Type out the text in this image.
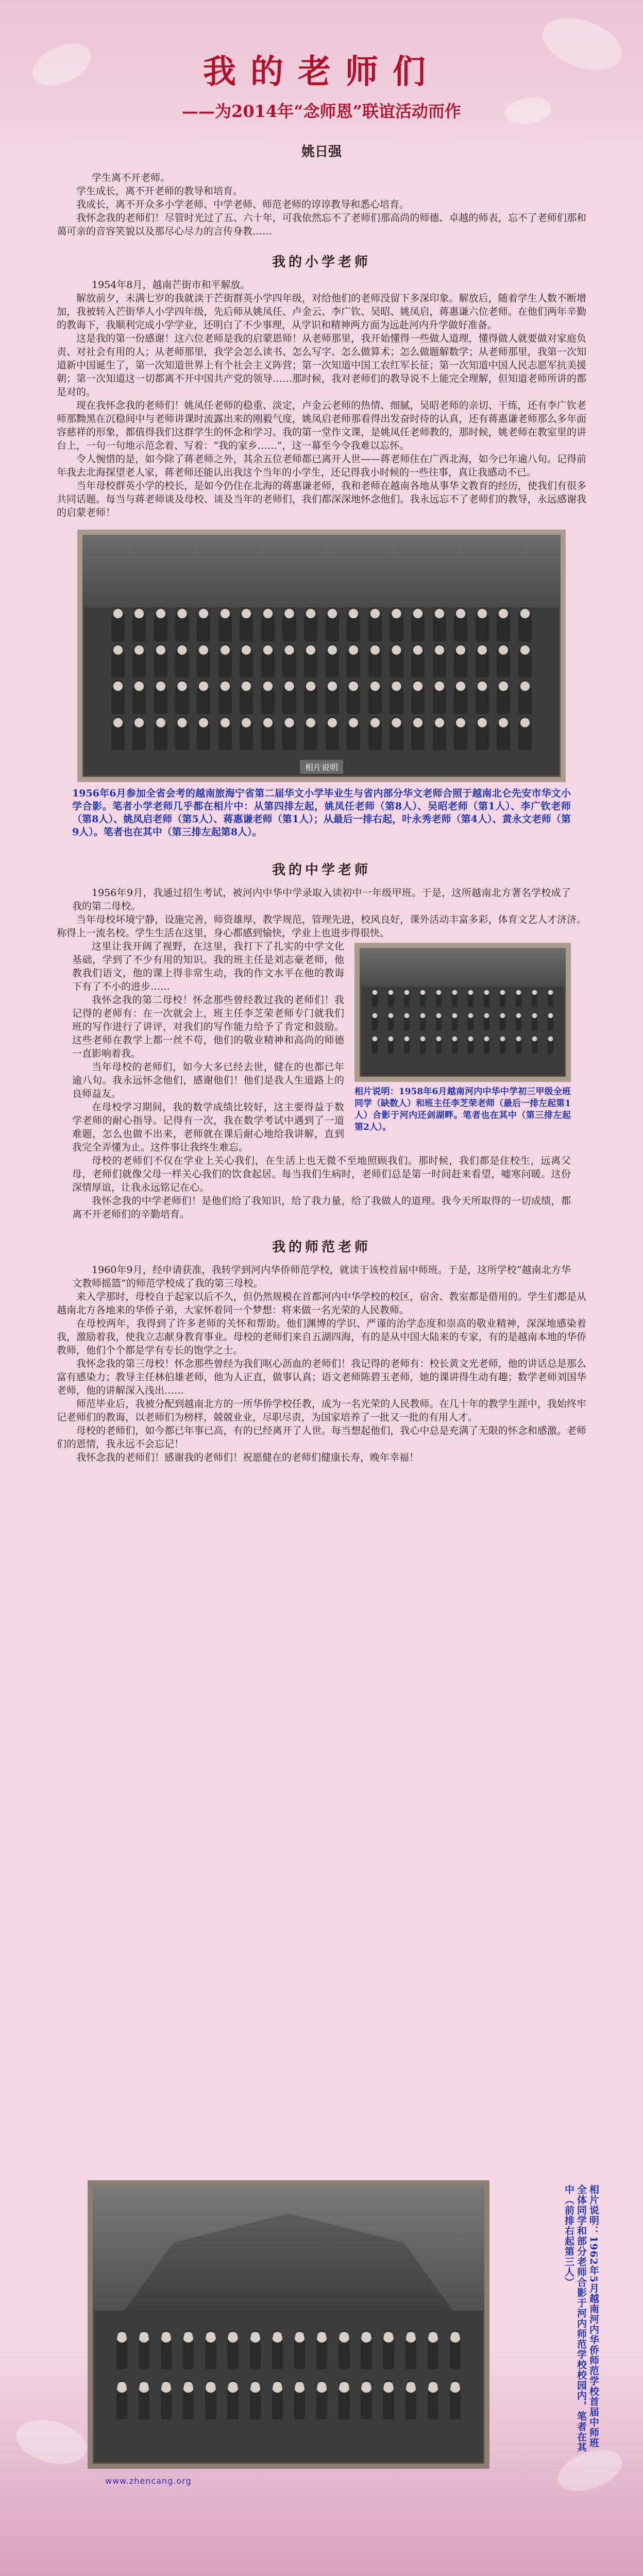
我的老师们
——为2014年“念师恩”联谊活动而作
姚日强

学生离不开老师。

学生成长，离不开老师的教导和培育。

我成长，离不开众多小学老师、中学老师、师范老师的谆谆教导和悉心培育。

我怀念我的老师们！尽管时光过了五、六十年，可我依然忘不了老师们那高尚的师德、卓越的师表，忘不了老师们那和蔼可亲的音容笑貌以及那尽心尽力的言传身教……

我的小学老师

1954年8月，越南芒街市和平解放。

解放前夕，未满七岁的我就读于芒街群英小学四年级，对给他们的老师没留下多深印象。解放后，随着学生人数不断增加，我被转入芒街华人小学四年级，先后师从姚凤任、卢金云、李广钦、吴昭、姚凤启，蒋惠谦六位老师。在他们两年辛勤的教诲下，我顺利完成小学学业，还明白了不少事理，从学识和精神两方面为远赴河内升学做好准备。

这是我的第一份感谢！这六位老师是我的启蒙恩师！从老师那里，我开始懂得一些做人道理，懂得做人就要做对家庭负责、对社会有用的人；从老师那里，我学会怎么读书、怎么写字、怎么做算术；怎么做题解数学；从老师那里，我第一次知道新中国诞生了，第一次知道世界上有个社会主义阵营；第一次知道中国工农红军长征；第一次知道中国人民志愿军抗美援朝；第一次知道这一切都离不开中国共产党的领导……那时候，我对老师们的教导说不上能完全理解，但知道老师所讲的都是对的。

现在我怀念我的老师们！姚凤任老师的稳重、淡定，卢金云老师的热情、细腻，吴昭老师的亲切、干练，还有李广钦老师那黝黑在沉稳间中与老师讲课时流露出来的刚毅气度，姚凤启老师那看得出发奋时待的认真，还有蒋惠谦老师那么多年面容慈祥的形象，都值得我们这群学生的怀念和学习。我的第一堂作文课，是姚凤任老师教的，那时候，姚老师在教室里的讲台上，一句一句地示范念着、写着：“我的家乡……”，这一幕至今令我难以忘怀。

令人惋惜的是，如今除了蒋老师之外，其余五位老师都已离开人世——蒋老师住在广西北海，如今已年逾八旬。记得前年我去北海探望老人家，蒋老师还能认出我这个当年的小学生，还记得我小时候的一些往事，真让我感动不已。

当年母校群英小学的校长，是如今仍住在北海的蒋惠谦老师，我和老师在越南各地从事华文教育的经历，使我们有很多共同话题。每当与蒋老师谈及母校、谈及当年的老师们，我们都深深地怀念他们。我永远忘不了老师们的教导，永远感谢我的启蒙老师！

相片说明
1956年6月参加全省会考的越南旅海宁省第二届华文小学毕业生与省内部分华文老师合照于越南北仑先安市华文小学合影。笔者小学老师几乎都在相片中：从第四排左起，姚凤任老师（第8人）、吴昭老师（第1人）、李广钦老师（第8人）、姚凤启老师（第5人）、蒋惠谦老师（第1人）；从最后一排右起，叶永秀老师（第4人）、黄永文老师（第9人）。笔者也在其中（第三排左起第8人）。
我的中学老师

1956年9月，我通过招生考试，被河内中华中学录取入读初中一年级甲班。于是，这所越南北方著名学校成了我的第二母校。

当年母校坏境宁静，设施完善，师资雄厚，教学规范，管理先进，校风良好，课外活动丰富多彩，体育文艺人才济济。称得上一流名校。学生生活在这里，身心都感到愉快，学业上也进步得很快。

相片说明：1958年6月越南河内中华中学初三甲级全班同学（缺数人）和班主任李芝荣老师（最后一排左起第1人）合影于河内还剑湖畔。笔者也在其中（第三排左起第2人）。

这里让我开阔了视野，在这里，我打下了扎实的中学文化基础，学到了不少有用的知识。我的班主任是刘志豪老师，他教我们语文，他的课上得非常生动，我的作文水平在他的教诲下有了不小的进步……

我怀念我的第二母校！怀念那些曾经教过我的老师们！我记得的老师有：在一次就会上，班主任李芝荣老师专门就我们班的写作进行了讲评，对我们的写作能力给予了肯定和鼓励。这些老师在教学上都一丝不苟，他们的敬业精神和高尚的师德一直影响着我。

当年母校的老师们，如今大多已经去世，健在的也都已年逾八旬。我永远怀念他们，感谢他们！他们是我人生道路上的良师益友。

在母校学习期间，我的数学成绩比较好，这主要得益于数学老师的耐心指导。记得有一次，我在数学考试中遇到了一道难题，怎么也做不出来，老师就在课后耐心地给我讲解，直到我完全弄懂为止。这件事让我终生难忘。

母校的老师们不仅在学业上关心我们，在生活上也无微不至地照顾我们。那时候，我们都是住校生，远离父母，老师们就像父母一样关心我们的饮食起居。每当我们生病时，老师们总是第一时间赶来看望，嘘寒问暖。这份深情厚谊，让我永远铭记在心。

我怀念我的中学老师们！是他们给了我知识，给了我力量，给了我做人的道理。我今天所取得的一切成绩，都离不开老师们的辛勤培育。

我的师范老师

1960年9月，经申请获准，我转学到河内华侨师范学校，就读于该校首届中师班。于是，这所学校“越南北方华文教师摇篮”的师范学校成了我的第三母校。

来入学那时，母校自于起家以后不久，但仍然规模在首都河内中华学校的校区，宿舍、教室都是借用的。学生们都是从越南北方各地来的华侨子弟，大家怀着同一个梦想：将来做一名光荣的人民教师。

在母校两年，我得到了许多老师的关怀和帮助。他们渊博的学识、严谨的治学态度和崇高的敬业精神，深深地感染着我，激励着我，使我立志献身教育事业。母校的老师们来自五湖四海，有的是从中国大陆来的专家，有的是越南本地的华侨教师，他们个个都是学有专长的饱学之士。

我怀念我的第三母校！怀念那些曾经为我们呕心沥血的老师们！我记得的老师有：校长黄文光老师，他的讲话总是那么富有感染力；教导主任林伯雄老师，他为人正直，做事认真；语文老师陈碧玉老师，她的课讲得生动有趣；数学老师刘国华老师，他的讲解深入浅出……

师范毕业后，我被分配到越南北方的一所华侨学校任教，成为一名光荣的人民教师。在几十年的教学生涯中，我始终牢记老师们的教诲，以老师们为榜样，兢兢业业，尽职尽责，为国家培养了一批又一批的有用人才。

母校的老师们，如今都已年事已高，有的已经离开了人世。每当想起他们，我心中总是充满了无限的怀念和感激。老师们的恩情，我永远不会忘记！

我怀念我的老师们！感谢我的老师们！祝愿健在的老师们健康长寿，晚年幸福！

相片说明：1962年5月越南河内华侨师范学校首届中师班全体同学和部分老师合影于河内师范学校校园内，笔者在其中（前排右起第三人）
www.zhencang.org
